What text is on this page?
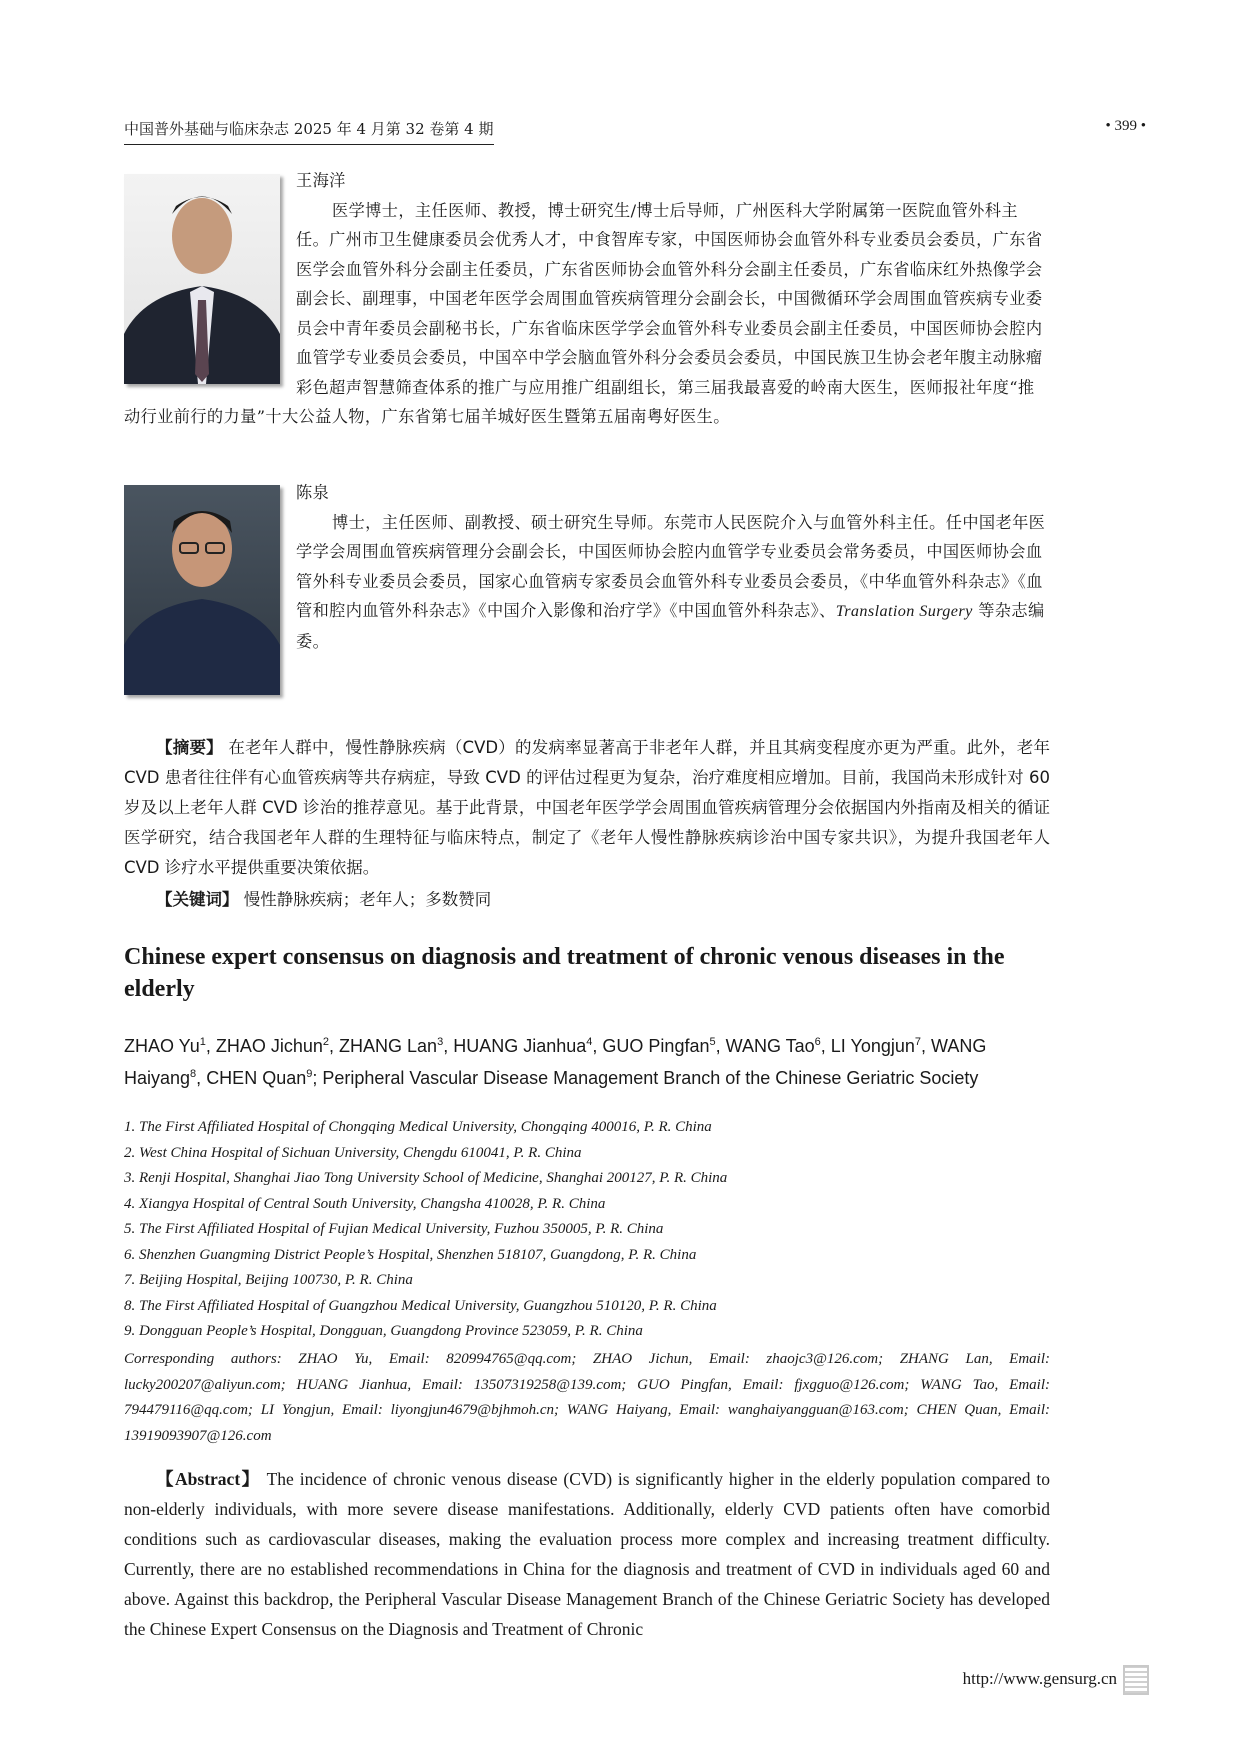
中国普外基础与临床杂志 2025 年 4 月第 32 卷第 4 期	• 399 •
王海洋

医学博士，主任医师、教授，博士研究生/博士后导师，广州医科大学附属第一医院血管外科主任。广州市卫生健康委员会优秀人才，中食智库专家，中国医师协会血管外科专业委员会委员，广东省医学会血管外科分会副主任委员，广东省医师协会血管外科分会副主任委员，广东省临床红外热像学会副会长、副理事，中国老年医学会周围血管疾病管理分会副会长，中国微循环学会周围血管疾病专业委员会中青年委员会副秘书长，广东省临床医学学会血管外科专业委员会副主任委员，中国医师协会腔内血管学专业委员会委员，中国卒中学会脑血管外科分会委员会委员，中国民族卫生协会老年腹主动脉瘤彩色超声智慧筛查体系的推广与应用推广组副组长，第三届我最喜爱的岭南大医生，医师报社年度“推动行业前行的力量”十大公益人物，广东省第七届羊城好医生暨第五届南粤好医生。

陈泉

博士，主任医师、副教授、硕士研究生导师。东莞市人民医院介入与血管外科主任。任中国老年医学学会周围血管疾病管理分会副会长，中国医师协会腔内血管学专业委员会常务委员，中国医师协会血管外科专业委员会委员，国家心血管病专家委员会血管外科专业委员会委员，《中华血管外科杂志》《血管和腔内血管外科杂志》《中国介入影像和治疗学》《中国血管外科杂志》、Translation Surgery 等杂志编委。

【摘要】 在老年人群中，慢性静脉疾病（CVD）的发病率显著高于非老年人群，并且其病变程度亦更为严重。此外，老年 CVD 患者往往伴有心血管疾病等共存病症，导致 CVD 的评估过程更为复杂，治疗难度相应增加。目前，我国尚未形成针对 60 岁及以上老年人群 CVD 诊治的推荐意见。基于此背景，中国老年医学学会周围血管疾病管理分会依据国内外指南及相关的循证医学研究，结合我国老年人群的生理特征与临床特点，制定了《老年人慢性静脉疾病诊治中国专家共识》，为提升我国老年人 CVD 诊疗水平提供重要决策依据。

【关键词】 慢性静脉疾病；老年人；多数赞同

Chinese expert consensus on diagnosis and treatment of chronic venous diseases in the elderly
ZHAO Yu$^1$, ZHAO Jichun$^2$, ZHANG Lan$^3$, HUANG Jianhua$^4$, GUO Pingfan$^5$, WANG Tao$^6$, LI Yongjun$^7$, WANG Haiyang$^8$, CHEN Quan$^9$; Peripheral Vascular Disease Management Branch of the Chinese Geriatric Society
1. The First Affiliated Hospital of Chongqing Medical University, Chongqing 400016, P. R. China
2. West China Hospital of Sichuan University, Chengdu 610041, P. R. China
3. Renji Hospital, Shanghai Jiao Tong University School of Medicine, Shanghai 200127, P. R. China
4. Xiangya Hospital of Central South University, Changsha 410028, P. R. China
5. The First Affiliated Hospital of Fujian Medical University, Fuzhou 350005, P. R. China
6. Shenzhen Guangming District People’s Hospital, Shenzhen 518107, Guangdong, P. R. China
7. Beijing Hospital, Beijing 100730, P. R. China
8. The First Affiliated Hospital of Guangzhou Medical University, Guangzhou 510120, P. R. China
9. Dongguan People’s Hospital, Dongguan, Guangdong Province 523059, P. R. China
Corresponding authors: ZHAO Yu, Email: 820994765@qq.com; ZHAO Jichun, Email: zhaojc3@126.com; ZHANG Lan, Email: lucky200207@aliyun.com; HUANG Jianhua, Email: 13507319258@139.com; GUO Pingfan, Email: fjxgguo@126.com; WANG Tao, Email: 794479116@qq.com; LI Yongjun, Email: liyongjun4679@bjhmoh.cn; WANG Haiyang, Email: wanghaiyangguan@163.com; CHEN Quan, Email: 13919093907@126.com

【Abstract】 The incidence of chronic venous disease (CVD) is significantly higher in the elderly population compared to non-elderly individuals, with more severe disease manifestations. Additionally, elderly CVD patients often have comorbid conditions such as cardiovascular diseases, making the evaluation process more complex and increasing treatment difficulty. Currently, there are no established recommendations in China for the diagnosis and treatment of CVD in individuals aged 60 and above. Against this backdrop, the Peripheral Vascular Disease Management Branch of the Chinese Geriatric Society has developed the Chinese Expert Consensus on the Diagnosis and Treatment of Chronic

http://www.gensurg.cn
